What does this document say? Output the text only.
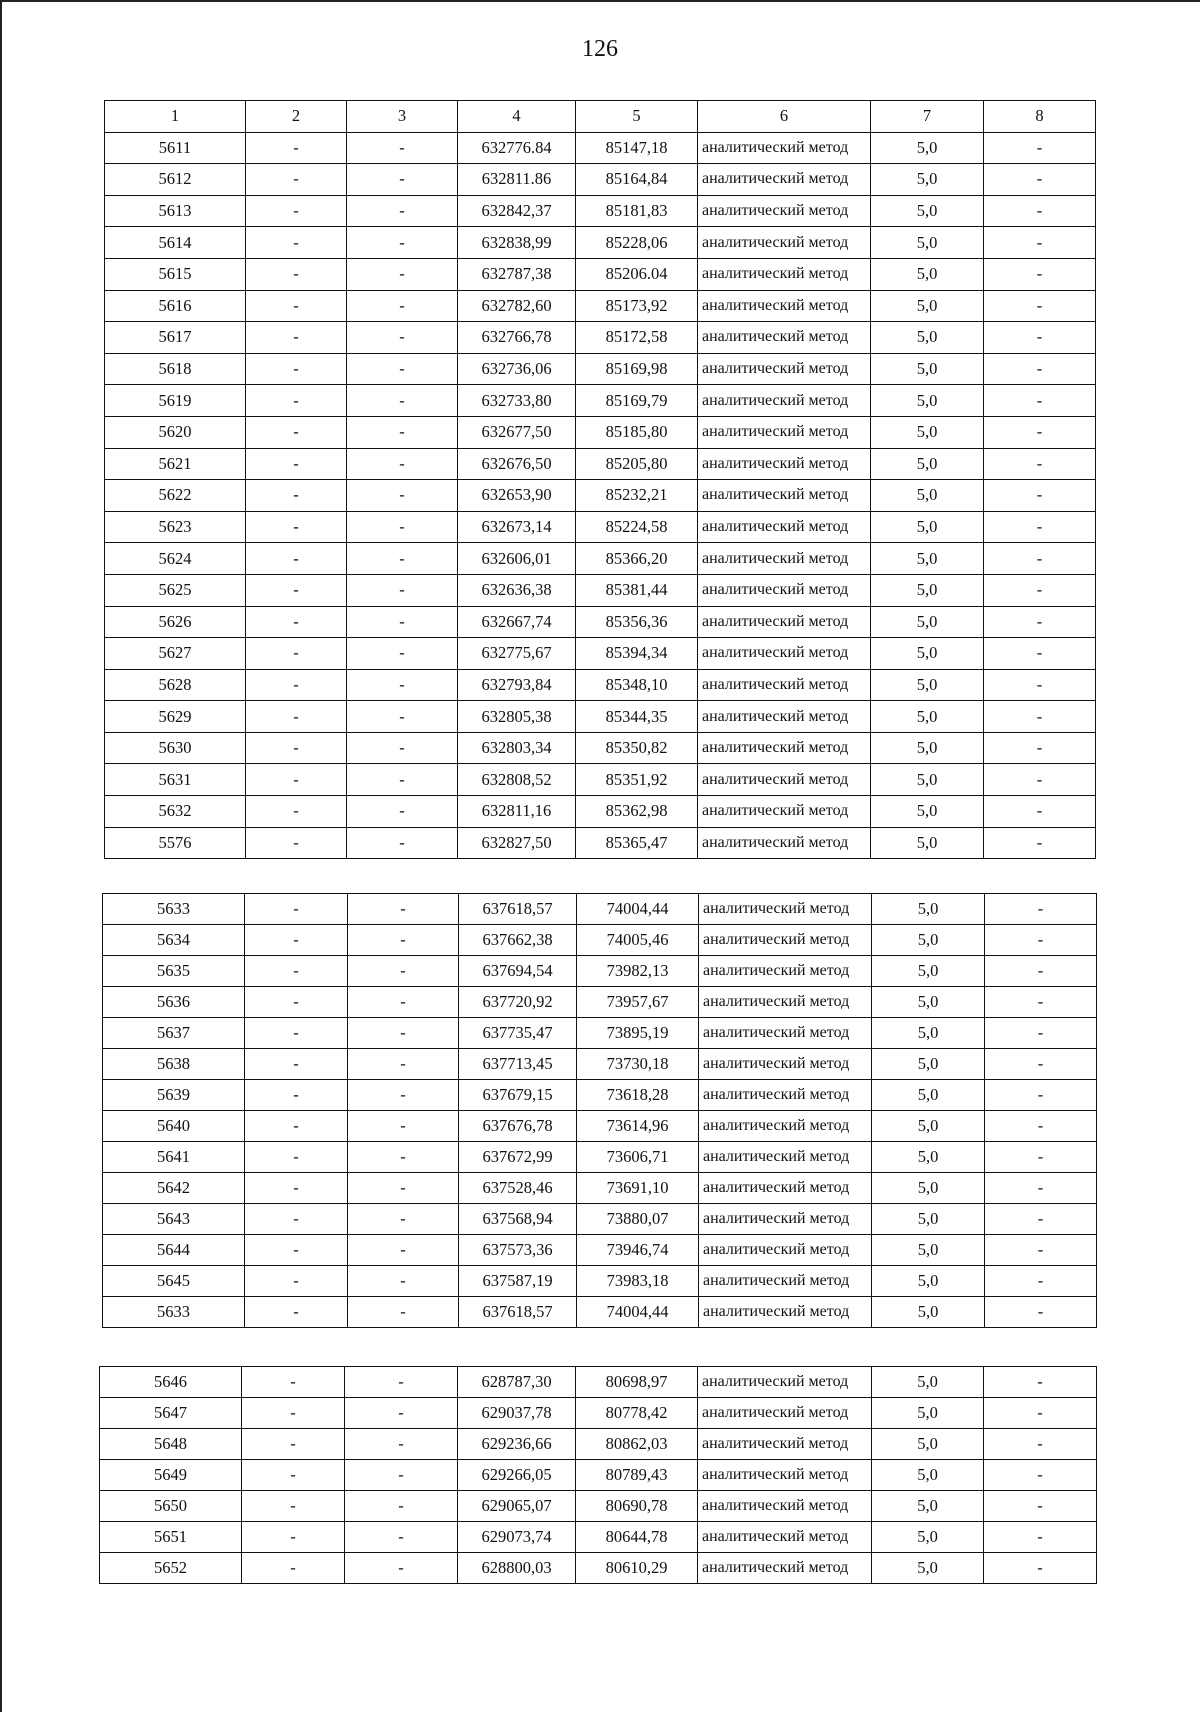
126
1	2	3	4	5	6	7	8
5611	-	-	632776.84	85147,18	аналитический метод	5,0	-
5612	-	-	632811.86	85164,84	аналитический метод	5,0	-
5613	-	-	632842,37	85181,83	аналитический метод	5,0	-
5614	-	-	632838,99	85228,06	аналитический метод	5,0	-
5615	-	-	632787,38	85206.04	аналитический метод	5,0	-
5616	-	-	632782,60	85173,92	аналитический метод	5,0	-
5617	-	-	632766,78	85172,58	аналитический метод	5,0	-
5618	-	-	632736,06	85169,98	аналитический метод	5,0	-
5619	-	-	632733,80	85169,79	аналитический метод	5,0	-
5620	-	-	632677,50	85185,80	аналитический метод	5,0	-
5621	-	-	632676,50	85205,80	аналитический метод	5,0	-
5622	-	-	632653,90	85232,21	аналитический метод	5,0	-
5623	-	-	632673,14	85224,58	аналитический метод	5,0	-
5624	-	-	632606,01	85366,20	аналитический метод	5,0	-
5625	-	-	632636,38	85381,44	аналитический метод	5,0	-
5626	-	-	632667,74	85356,36	аналитический метод	5,0	-
5627	-	-	632775,67	85394,34	аналитический метод	5,0	-
5628	-	-	632793,84	85348,10	аналитический метод	5,0	-
5629	-	-	632805,38	85344,35	аналитический метод	5,0	-
5630	-	-	632803,34	85350,82	аналитический метод	5,0	-
5631	-	-	632808,52	85351,92	аналитический метод	5,0	-
5632	-	-	632811,16	85362,98	аналитический метод	5,0	-
5576	-	-	632827,50	85365,47	аналитический метод	5,0	-
5633	-	-	637618,57	74004,44	аналитический метод	5,0	-
5634	-	-	637662,38	74005,46	аналитический метод	5,0	-
5635	-	-	637694,54	73982,13	аналитический метод	5,0	-
5636	-	-	637720,92	73957,67	аналитический метод	5,0	-
5637	-	-	637735,47	73895,19	аналитический метод	5,0	-
5638	-	-	637713,45	73730,18	аналитический метод	5,0	-
5639	-	-	637679,15	73618,28	аналитический метод	5,0	-
5640	-	-	637676,78	73614,96	аналитический метод	5,0	-
5641	-	-	637672,99	73606,71	аналитический метод	5,0	-
5642	-	-	637528,46	73691,10	аналитический метод	5,0	-
5643	-	-	637568,94	73880,07	аналитический метод	5,0	-
5644	-	-	637573,36	73946,74	аналитический метод	5,0	-
5645	-	-	637587,19	73983,18	аналитический метод	5,0	-
5633	-	-	637618,57	74004,44	аналитический метод	5,0	-
5646	-	-	628787,30	80698,97	аналитический метод	5,0	-
5647	-	-	629037,78	80778,42	аналитический метод	5,0	-
5648	-	-	629236,66	80862,03	аналитический метод	5,0	-
5649	-	-	629266,05	80789,43	аналитический метод	5,0	-
5650	-	-	629065,07	80690,78	аналитический метод	5,0	-
5651	-	-	629073,74	80644,78	аналитический метод	5,0	-
5652	-	-	628800,03	80610,29	аналитический метод	5,0	-
